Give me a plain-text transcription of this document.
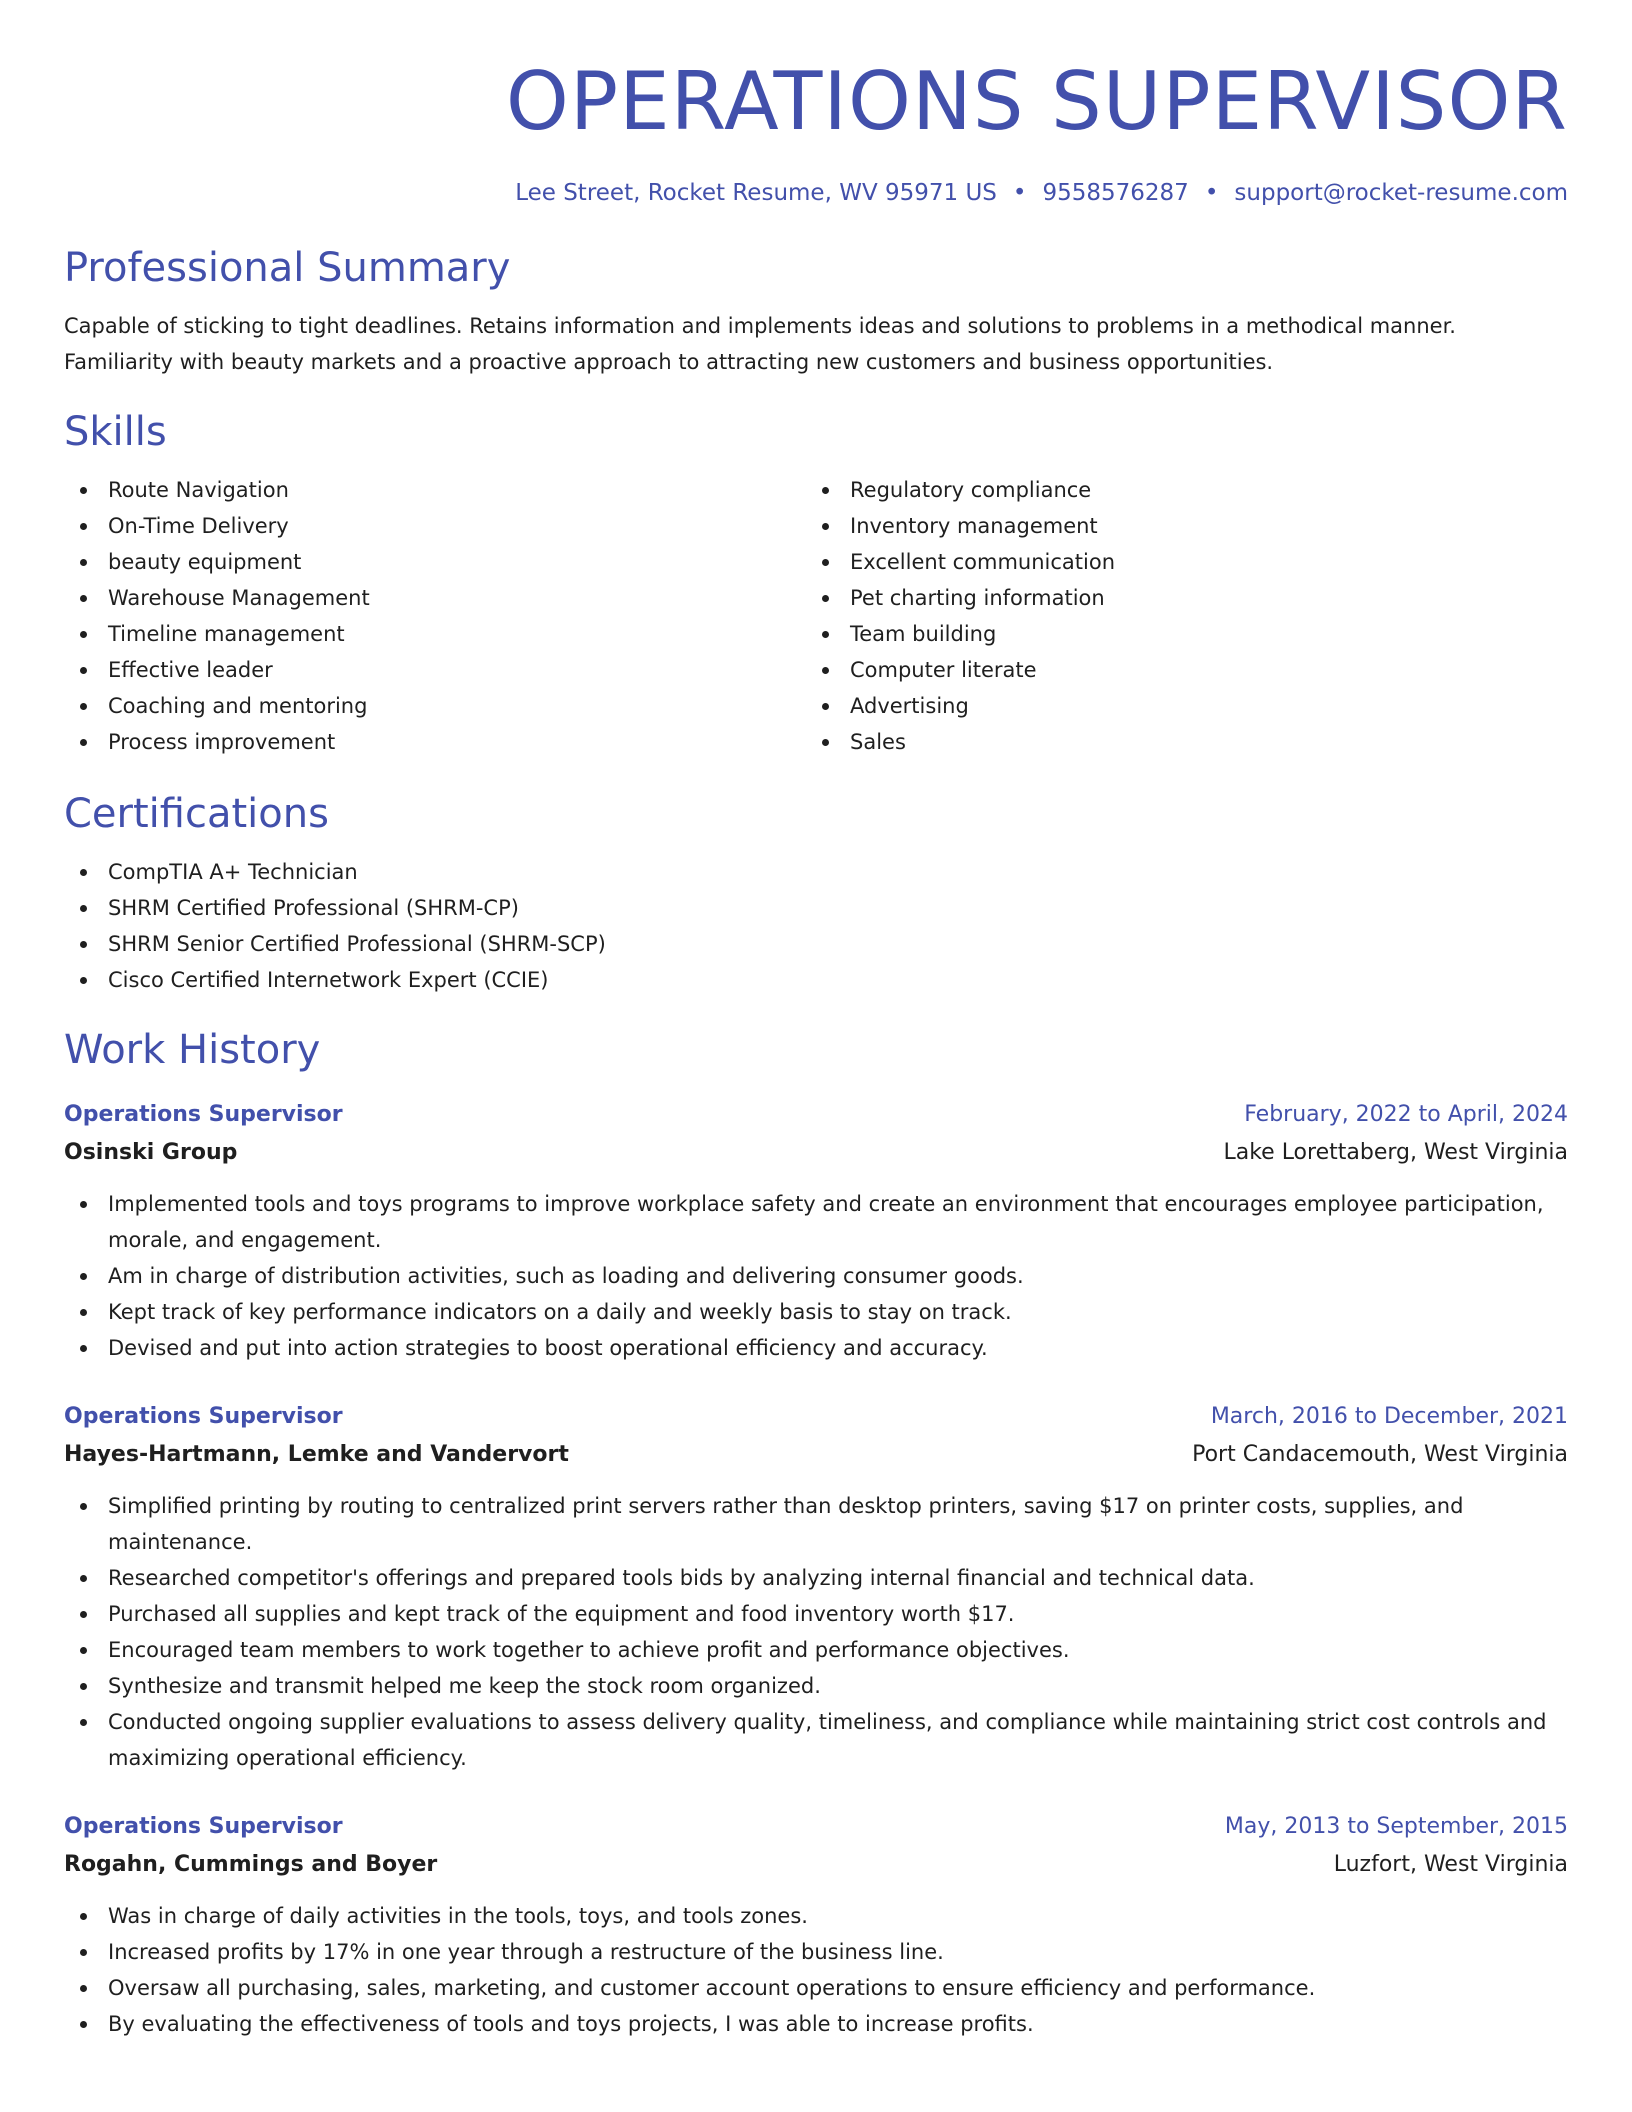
OPERATIONS SUPERVISOR
Lee Street, Rocket Resume, WV 95971 US • 9558576287 • support@rocket-resume.com
Professional Summary

Capable of sticking to tight deadlines. Retains information and implements ideas and solutions to problems in a methodical manner. Familiarity with beauty markets and a proactive approach to attracting new customers and business opportunities.

Skills
Route Navigation
On-Time Delivery
beauty equipment
Warehouse Management
Timeline management
Effective leader
Coaching and mentoring
Process improvement
Regulatory compliance
Inventory management
Excellent communication
Pet charting information
Team building
Computer literate
Advertising
Sales
Certifications
CompTIA A+ Technician
SHRM Certified Professional (SHRM-CP)
SHRM Senior Certified Professional (SHRM-SCP)
Cisco Certified Internetwork Expert (CCIE)
Work History
Operations Supervisor	February, 2022 to April, 2024
Osinski Group	Lake Lorettaberg, West Virginia
Implemented tools and toys programs to improve workplace safety and create an environment that encourages employee participation, morale, and engagement.
Am in charge of distribution activities, such as loading and delivering consumer goods.
Kept track of key performance indicators on a daily and weekly basis to stay on track.
Devised and put into action strategies to boost operational efficiency and accuracy.
Operations Supervisor	March, 2016 to December, 2021
Hayes-Hartmann, Lemke and Vandervort	Port Candacemouth, West Virginia
Simplified printing by routing to centralized print servers rather than desktop printers, saving $17 on printer costs, supplies, and maintenance.
Researched competitor's offerings and prepared tools bids by analyzing internal financial and technical data.
Purchased all supplies and kept track of the equipment and food inventory worth $17.
Encouraged team members to work together to achieve profit and performance objectives.
Synthesize and transmit helped me keep the stock room organized.
Conducted ongoing supplier evaluations to assess delivery quality, timeliness, and compliance while maintaining strict cost controls and maximizing operational efficiency.
Operations Supervisor	May, 2013 to September, 2015
Rogahn, Cummings and Boyer	Luzfort, West Virginia
Was in charge of daily activities in the tools, toys, and tools zones.
Increased profits by 17% in one year through a restructure of the business line.
Oversaw all purchasing, sales, marketing, and customer account operations to ensure efficiency and performance.
By evaluating the effectiveness of tools and toys projects, I was able to increase profits.
